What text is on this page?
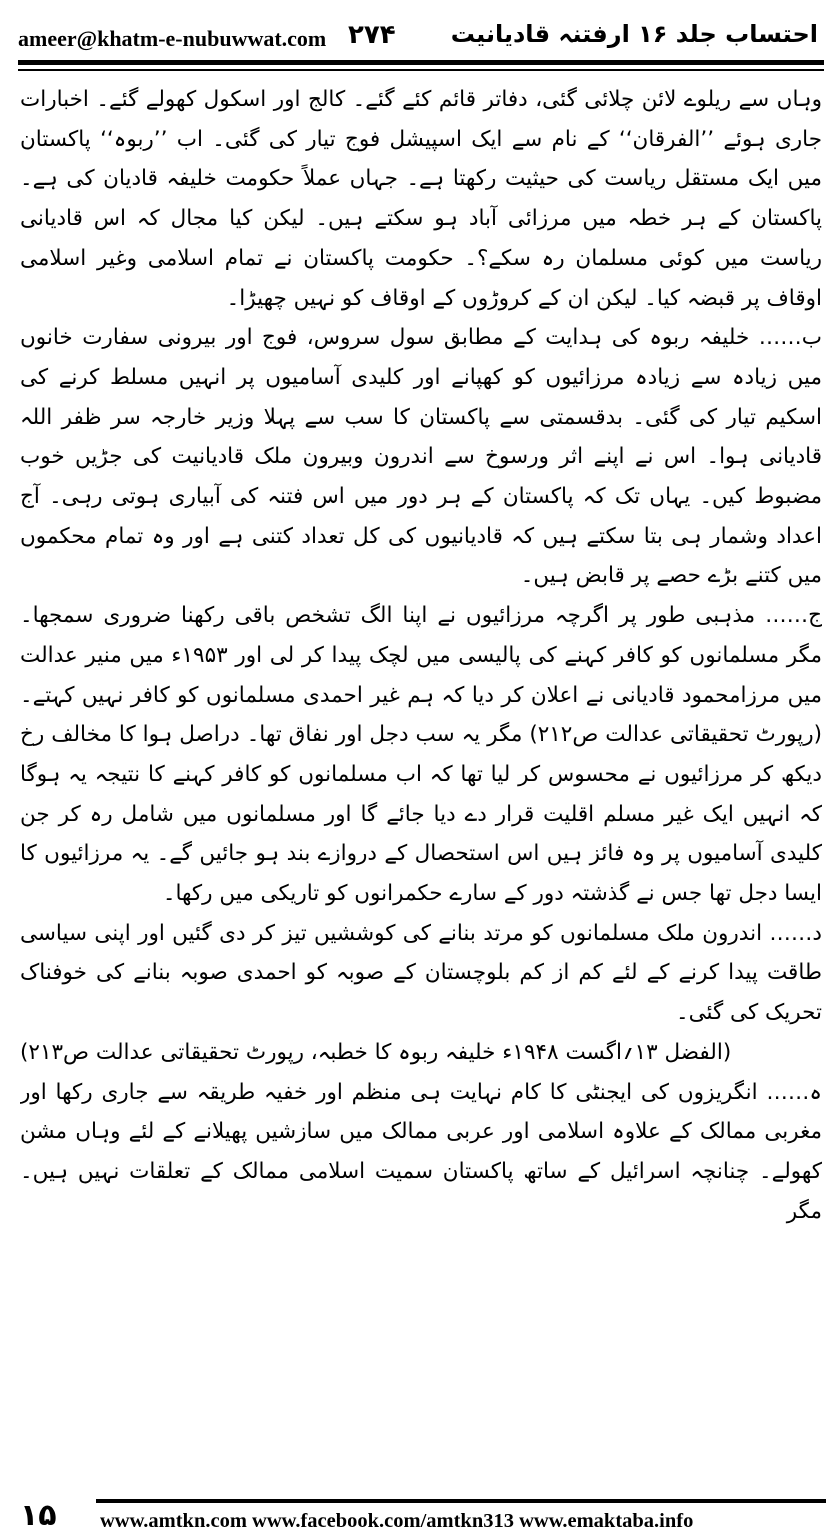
ameer@khatm-e-nubuwwat.com ۲۷۴ احتساب جلد ۱۶ ارفتنہ قادیانیت

وہاں سے ریلوے لائن چلائی گئی، دفاتر قائم کئے گئے۔ کالج اور اسکول کھولے گئے۔ اخبارات جاری ہوئے ’’الفرقان‘‘ کے نام سے ایک اسپیشل فوج تیار کی گئی۔ اب ’’ربوہ‘‘ پاکستان میں ایک مستقل ریاست کی حیثیت رکھتا ہے۔ جہاں عملاً حکومت خلیفہ قادیان کی ہے۔ پاکستان کے ہر خطہ میں مرزائی آباد ہو سکتے ہیں۔ لیکن کیا مجال کہ اس قادیانی ریاست میں کوئی مسلمان رہ سکے؟۔ حکومت پاکستان نے تمام اسلامی وغیر اسلامی اوقاف پر قبضہ کیا۔ لیکن ان کے کروڑوں کے اوقاف کو نہیں چھیڑا۔

ب…… خلیفہ ربوہ کی ہدایت کے مطابق سول سروس، فوج اور بیرونی سفارت خانوں میں زیادہ سے زیادہ مرزائیوں کو کھپانے اور کلیدی آسامیوں پر انہیں مسلط کرنے کی اسکیم تیار کی گئی۔ بدقسمتی سے پاکستان کا سب سے پہلا وزیر خارجہ سر ظفر اللہ قادیانی ہوا۔ اس نے اپنے اثر ورسوخ سے اندرون وبیرون ملک قادیانیت کی جڑیں خوب مضبوط کیں۔ یہاں تک کہ پاکستان کے ہر دور میں اس فتنہ کی آبیاری ہوتی رہی۔ آج اعداد وشمار ہی بتا سکتے ہیں کہ قادیانیوں کی کل تعداد کتنی ہے اور وہ تمام محکموں میں کتنے بڑے حصے پر قابض ہیں۔

ج…… مذہبی طور پر اگرچہ مرزائیوں نے اپنا الگ تشخص باقی رکھنا ضروری سمجھا۔ مگر مسلمانوں کو کافر کہنے کی پالیسی میں لچک پیدا کر لی اور ۱۹۵۳ء میں منیر عدالت میں مرزامحمود قادیانی نے اعلان کر دیا کہ ہم غیر احمدی مسلمانوں کو کافر نہیں کہتے۔ (رپورٹ تحقیقاتی عدالت ص۲۱۲) مگر یہ سب دجل اور نفاق تھا۔ دراصل ہوا کا مخالف رخ دیکھ کر مرزائیوں نے محسوس کر لیا تھا کہ اب مسلمانوں کو کافر کہنے کا نتیجہ یہ ہوگا کہ انہیں ایک غیر مسلم اقلیت قرار دے دیا جائے گا اور مسلمانوں میں شامل رہ کر جن کلیدی آسامیوں پر وہ فائز ہیں اس استحصال کے دروازے بند ہو جائیں گے۔ یہ مرزائیوں کا ایسا دجل تھا جس نے گذشتہ دور کے سارے حکمرانوں کو تاریکی میں رکھا۔

د…… اندرون ملک مسلمانوں کو مرتد بنانے کی کوششیں تیز کر دی گئیں اور اپنی سیاسی طاقت پیدا کرنے کے لئے کم از کم بلوچستان کے صوبہ کو احمدی صوبہ بنانے کی خوفناک تحریک کی گئی۔

(الفضل ۱۳؍اگست ۱۹۴۸ء خلیفہ ربوہ کا خطبہ، رپورٹ تحقیقاتی عدالت ص۲۱۳)

ہ…… انگریزوں کی ایجنٹی کا کام نہایت ہی منظم اور خفیہ طریقہ سے جاری رکھا اور مغربی ممالک کے علاوہ اسلامی اور عربی ممالک میں سازشیں پھیلانے کے لئے وہاں مشن کھولے۔ چنانچہ اسرائیل کے ساتھ پاکستان سمیت اسلامی ممالک کے تعلقات نہیں ہیں۔ مگر

۱۵ www.amtkn.com www.facebook.com/amtkn313 www.emaktaba.info
